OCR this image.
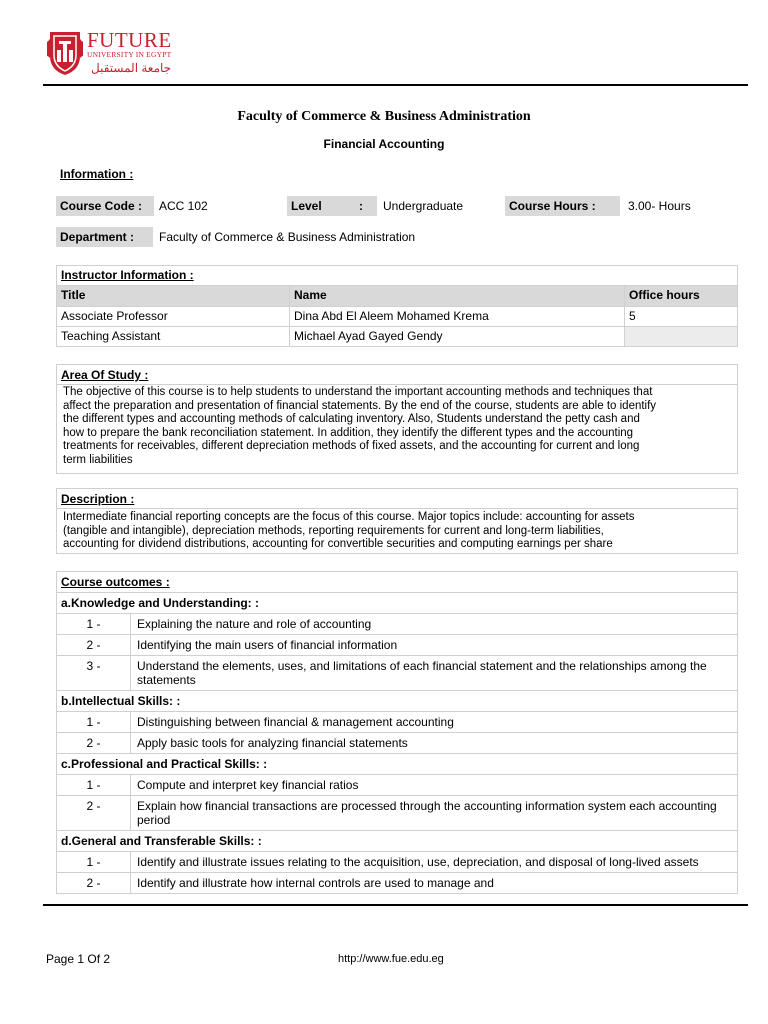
FUTURE
UNIVERSITY IN EGYPT
جامعة المستقبل
Faculty of Commerce & Business Administration
Financial Accounting
Information :
Course Code :	ACC 102	Level	: Undergraduate	Course Hours :	3.00- Hours
Department :	Faculty of Commerce & Business Administration
Instructor Information :		
Title	Name	Office hours
Associate Professor	Dina Abd El Aleem Mohamed Krema	5
Teaching Assistant	Michael Ayad Gayed Gendy	
Area Of Study :
The objective of this course is to help students to understand the important accounting methods and techniques that
affect the preparation and presentation of financial statements. By the end of the course, students are able to identify
the different types and accounting methods of calculating inventory. Also, Students understand the petty cash and
how to prepare the bank reconciliation statement. In addition, they identify the different types and the accounting
treatments for receivables, different depreciation methods of fixed assets, and the accounting for current and long
term liabilities
Description :
Intermediate financial reporting concepts are the focus of this course. Major topics include: accounting for assets
(tangible and intangible), depreciation methods, reporting requirements for current and long-term liabilities,
accounting for dividend distributions, accounting for convertible securities and computing earnings per share
Course outcomes :	
a.Knowledge and Understanding: :	
1 -	Explaining the nature and role of accounting
2 -	Identifying the main users of financial information
3 -	Understand the elements, uses, and limitations of each financial statement and the relationships among the statements
b.Intellectual Skills: :	
1 -	Distinguishing between financial & management accounting
2 -	Apply basic tools for analyzing financial statements
c.Professional and Practical Skills: :	
1 -	Compute and interpret key financial ratios
2 -	Explain how financial transactions are processed through the accounting information system each accounting period
d.General and Transferable Skills: :	
1 -	Identify and illustrate issues relating to the acquisition, use, depreciation, and disposal of long-lived assets
2 -	Identify and illustrate how internal controls are used to manage and
Page 1 Of 2	http://www.fue.edu.eg
